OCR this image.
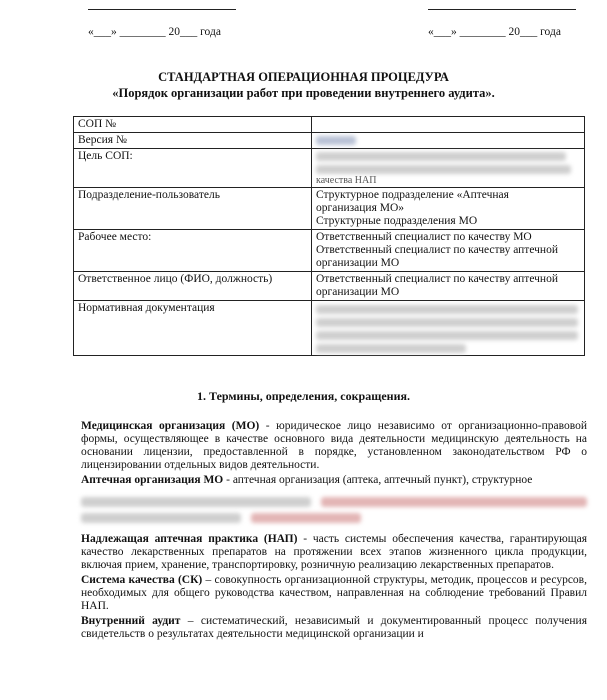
«___» ________ 20___ года	«___» ________ 20___ года
СТАНДАРТНАЯ ОПЕРАЦИОННАЯ ПРОЦЕДУРА
«Порядок организации работ при проведении внутреннего аудита».
СОП №	
Версия №	

Цель СОП:	качества НАП

Подразделение-пользователь	Структурное подразделение «Аптечная
организация МО»
Структурные подразделения МО

Рабочее место:	Ответственный специалист по качеству МО
Ответственный специалист по качеству аптечной
организации МО

Ответственное лицо (ФИО, должность)	Ответственный специалист по качеству аптечной
организации МО

Нормативная документация	
1. Термины, определения, сокращения.

Медицинская организация (МО) - юридическое лицо независимо от организационно-правовой формы, осуществляющее в качестве основного вида деятельности медицинскую деятельность на основании лицензии, предоставленной в порядке, установленном законодательством РФ о лицензировании отдельных видов деятельности.

Аптечная организация МО - аптечная организация (аптека, аптечный пункт), структурное

Надлежащая аптечная практика (НАП) - часть системы обеспечения качества, гарантирующая качество лекарственных препаратов на протяжении всех этапов жизненного цикла продукции, включая прием, хранение, транспортировку, розничную реализацию лекарственных препаратов.

Система качества (СК) – совокупность организационной структуры, методик, процессов и ресурсов, необходимых для общего руководства качеством, направленная на соблюдение требований Правил НАП.

Внутренний аудит – систематический, независимый и документированный процесс получения свидетельств о результатах деятельности медицинской организации и
